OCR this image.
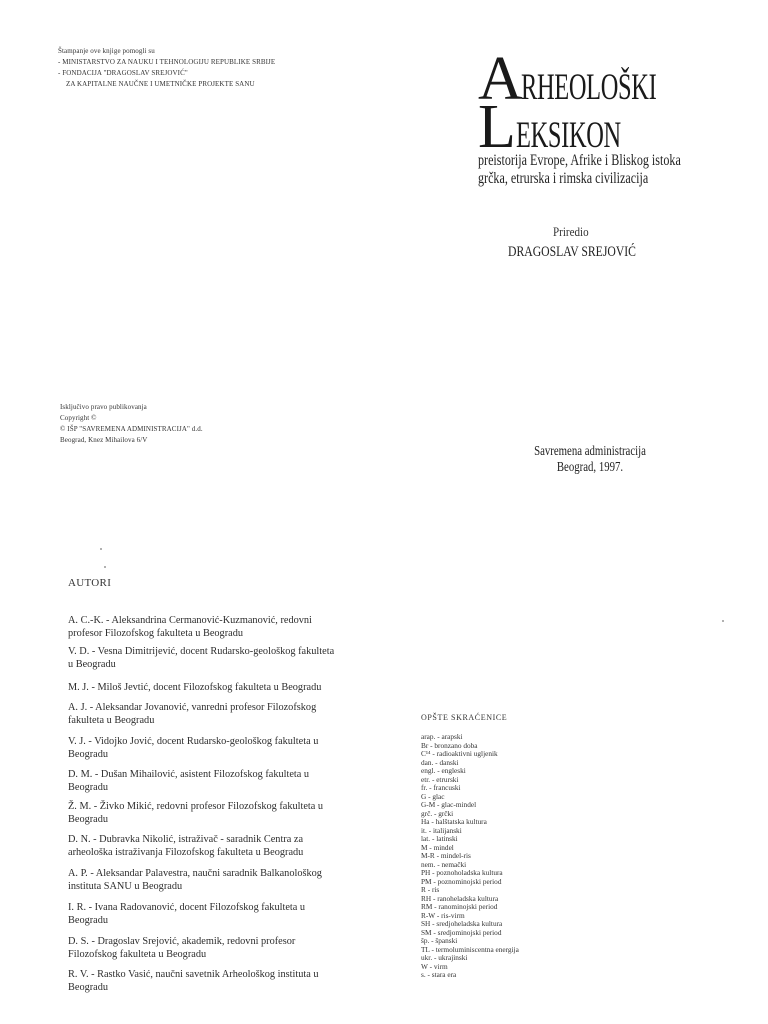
Štampanje ove knjige pomogli su
- MINISTARSTVO ZA NAUKU I TEHNOLOGIJU REPUBLIKE SRBIJE
- FONDACIJA "DRAGOSLAV SREJOVIĆ"
ZA KAPITALNE NAUČNE I UMETNIČKE PROJEKTE SANU	A
RHEOLOŠKI
L EKSIKON
preistorija Evrope, Afrike i Bliskog istoka
grčka, etrurska i rimska civilizacija
Priredio
DRAGOSLAV SREJOVIĆ
Isključivo pravo publikovanja
Copyright ©
© IŠP "SAVREMENA ADMINISTRACIJA" d.d.
Beograd, Knez Mihailova 6/V
Savremena administracija
Beograd, 1997.
AUTORI
A. C.-K. - Aleksandrina Cermanović-Kuzmanović, redovni
profesor Filozofskog fakulteta u Beogradu
V. D. - Vesna Dimitrijević, docent Rudarsko-geološkog fakulteta
u Beogradu
M. J. - Miloš Jevtić, docent Filozofskog fakulteta u Beogradu
A. J. - Aleksandar Jovanović, vanredni profesor Filozofskog
fakulteta u Beogradu
V. J. - Vidojko Jović, docent Rudarsko-geološkog fakulteta u
Beogradu
D. M. - Dušan Mihailović, asistent Filozofskog fakulteta u
Beogradu
Ž. M. - Živko Mikić, redovni profesor Filozofskog fakulteta u
Beogradu
D. N. - Dubravka Nikolić, istraživač - saradnik Centra za
arheološka istraživanja Filozofskog fakulteta u Beogradu
A. P. - Aleksandar Palavestra, naučni saradnik Balkanološkog
instituta SANU u Beogradu
I. R. - Ivana Radovanović, docent Filozofskog fakulteta u
Beogradu
D. S. - Dragoslav Srejović, akademik, redovni profesor
Filozofskog fakulteta u Beogradu
R. V. - Rastko Vasić, naučni savetnik Arheološkog instituta u
Beogradu
OPŠTE SKRAĆENICE
arap. - arapski
Br - bronzano doba
C¹⁴ - radioaktivni ugljenik
dan. - danski
engl. - engleski
etr. - etrurski
fr. - francuski
G - glac
G-M - glac-mindel
grč. - grčki
Ha - halštatska kultura
it. - italijanski
lat. - latinski
M - mindel
M-R - mindel-ris
nem. - nemački
PH - poznoholadska kultura
PM - poznominojski period
R - ris
RH - ranoheladska kultura
RM - ranominojski period
R-W - ris-virm
SH - sredjoheladska kultura
SM - sredjominojski period
šp. - španski
TL - termoluminiscentna energija
ukr. - ukrajinski
W - virm
s. - stara era
